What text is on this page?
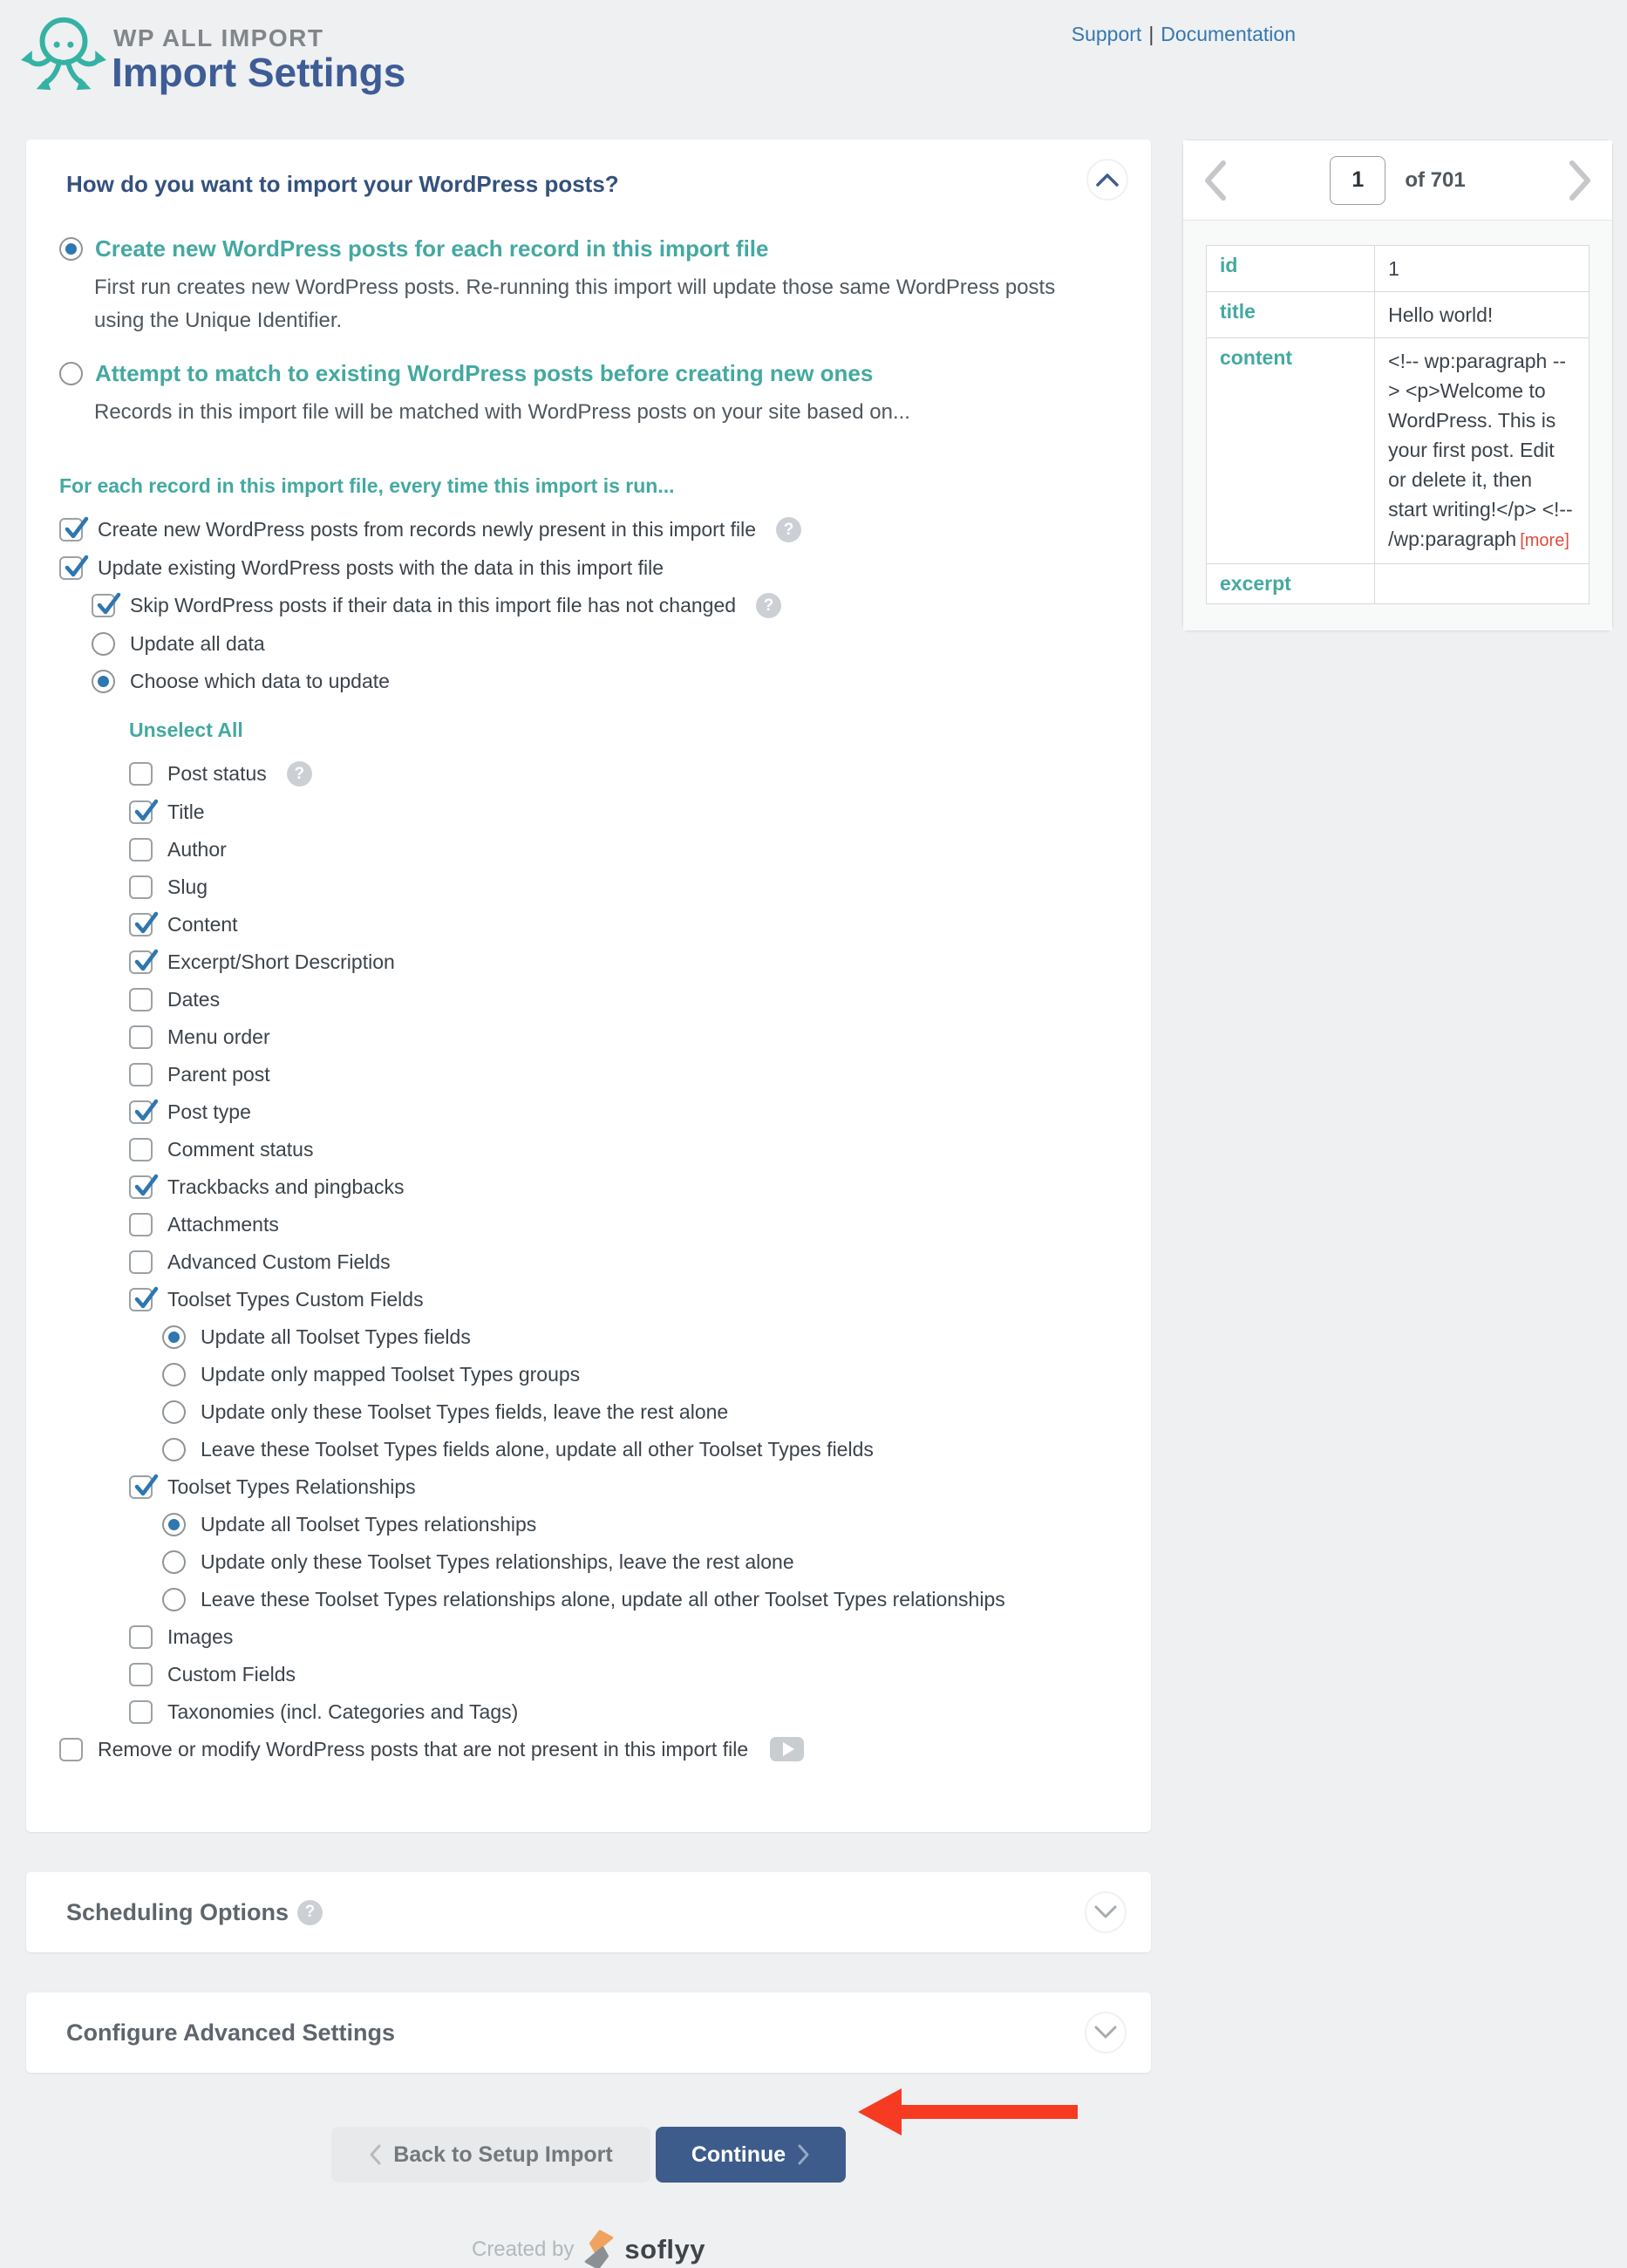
WP ALL IMPORT
Import Settings
Support | Documentation
How do you want to import your WordPress posts?
Create new WordPress posts for each record in this import file
First run creates new WordPress posts. Re-running this import will update those same WordPress posts using the Unique Identifier.
Attempt to match to existing WordPress posts before creating new ones
Records in this import file will be matched with WordPress posts on your site based on...
For each record in this import file, every time this import is run...
Create new WordPress posts from records newly present in this import file
?
Update existing WordPress posts with the data in this import file
Skip WordPress posts if their data in this import file has not changed
?
Update all data
Choose which data to update
Unselect All
Post status
?
Title
Author
Slug
Content
Excerpt/Short Description
Dates
Menu order
Parent post
Post type
Comment status
Trackbacks and pingbacks
Attachments
Advanced Custom Fields
Toolset Types Custom Fields
Update all Toolset Types fields
Update only mapped Toolset Types groups
Update only these Toolset Types fields, leave the rest alone
Leave these Toolset Types fields alone, update all other Toolset Types fields
Toolset Types Relationships
Update all Toolset Types relationships
Update only these Toolset Types relationships, leave the rest alone
Leave these Toolset Types relationships alone, update all other Toolset Types relationships
Images
Custom Fields
Taxonomies (incl. Categories and Tags)
Remove or modify WordPress posts that are not present in this import file
Scheduling Options
?
Configure Advanced Settings
Back to Setup Import	Continue
Created by soflyy
1
of 701
id	1
title	Hello world!
content	<!-- wp:paragraph --> <p>Welcome to WordPress. This is your first post. Edit or delete it, then start writing!</p> <!-- /wp:paragraph [more]
excerpt	
